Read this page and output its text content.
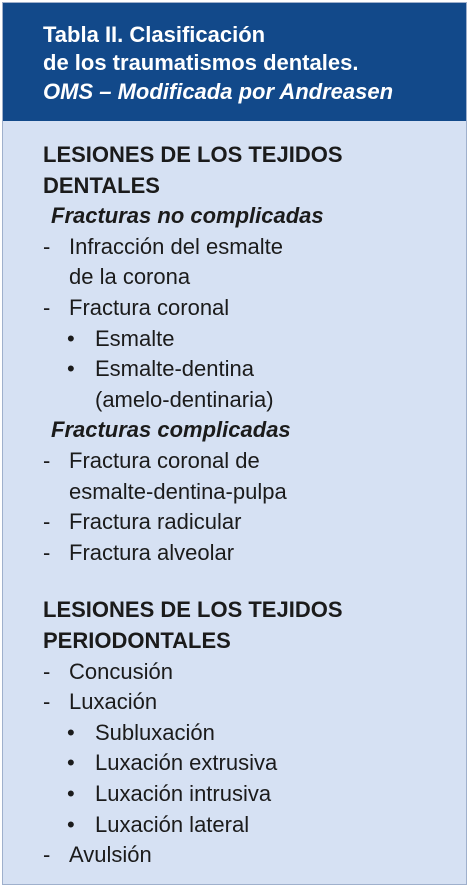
Tabla II. Clasificación
de los traumatismos dentales.
OMS – Modificada por Andreasen
LESIONES DE LOS TEJIDOS
DENTALES
Fracturas no complicadas
- Infracción del esmalte
de la corona
- Fractura coronal
• Esmalte
• Esmalte-dentina
(amelo-dentinaria)
Fracturas complicadas
- Fractura coronal de
esmalte-dentina-pulpa
- Fractura radicular
- Fractura alveolar
LESIONES DE LOS TEJIDOS
PERIODONTALES
- Concusión
- Luxación
• Subluxación
• Luxación extrusiva
• Luxación intrusiva
• Luxación lateral
- Avulsión
